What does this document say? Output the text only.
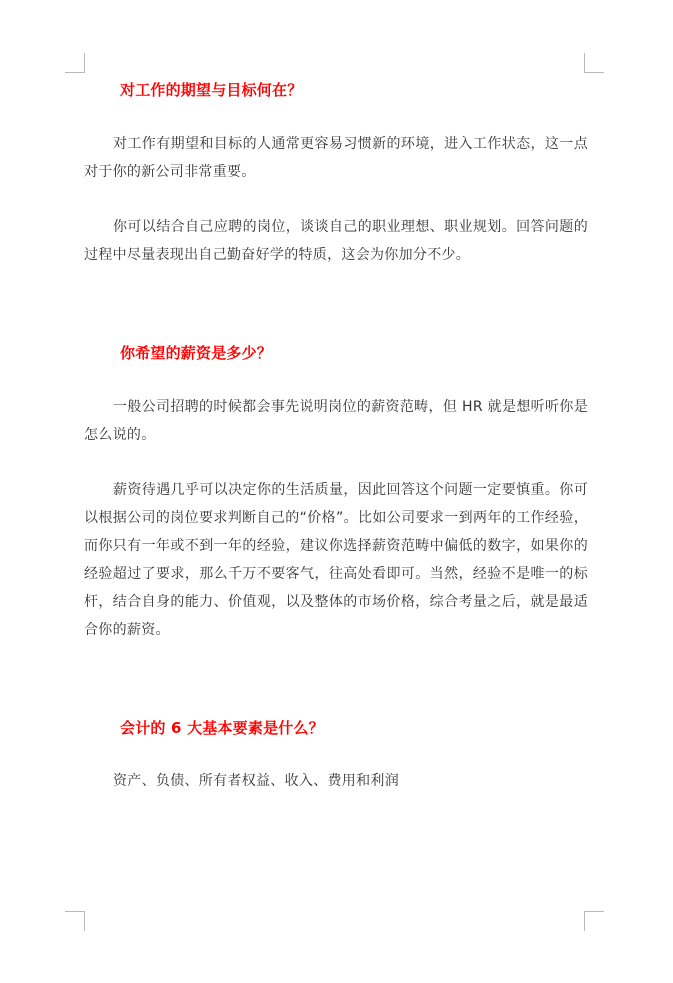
对工作的期望与目标何在？
对工作有期望和目标的人通常更容易习惯新的环境，进入工作状态，这一点对于你的新公司非常重要。
你可以结合自己应聘的岗位，谈谈自己的职业理想、职业规划。回答问题的过程中尽量表现出自己勤奋好学的特质，这会为你加分不少。
你希望的薪资是多少？
一般公司招聘的时候都会事先说明岗位的薪资范畴，但 HR 就是想听听你是怎么说的。
薪资待遇几乎可以决定你的生活质量，因此回答这个问题一定要慎重。你可以根据公司的岗位要求判断自己的“价格”。比如公司要求一到两年的工作经验，而你只有一年或不到一年的经验，建议你选择薪资范畴中偏低的数字，如果你的经验超过了要求，那么千万不要客气，往高处看即可。当然，经验不是唯一的标杆，结合自身的能力、价值观，以及整体的市场价格，综合考量之后，就是最适合你的薪资。
会计的 6 大基本要素是什么？
资产、负债、所有者权益、收入、费用和利润
